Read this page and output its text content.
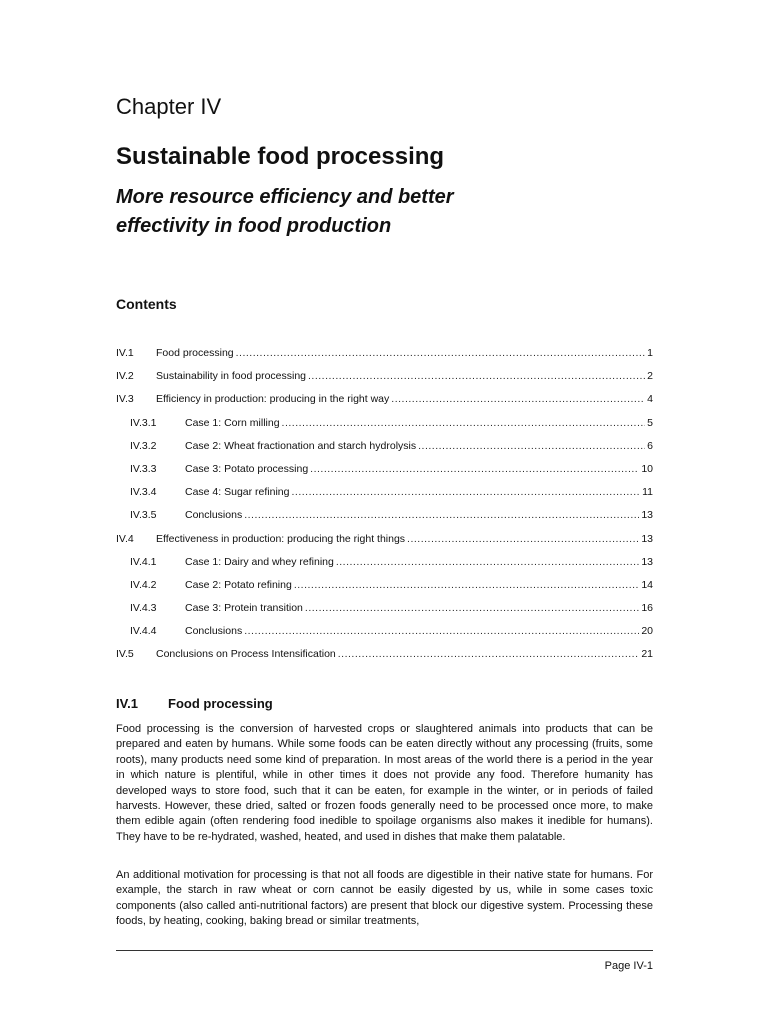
Chapter IV
Sustainable food processing
More resource efficiency and better effectivity in food production
Contents
IV.1	Food processing .....	1
IV.2	Sustainability in food processing .....	2
IV.3	Efficiency in production: producing in the right way .....	4
IV.3.1	Case 1: Corn milling .....	5
IV.3.2	Case 2: Wheat fractionation and starch hydrolysis .....	6
IV.3.3	Case 3: Potato processing .....	10
IV.3.4	Case 4: Sugar refining .....	11
IV.3.5	Conclusions .....	13
IV.4	Effectiveness in production: producing the right things .....	13
IV.4.1	Case 1: Dairy and whey refining .....	13
IV.4.2	Case 2: Potato refining .....	14
IV.4.3	Case 3: Protein transition .....	16
IV.4.4	Conclusions .....	20
IV.5	Conclusions on Process Intensification .....	21
IV.1 Food processing
Food processing is the conversion of harvested crops or slaughtered animals into products that can be prepared and eaten by humans. While some foods can be eaten directly without any processing (fruits, some roots), many products need some kind of preparation. In most areas of the world there is a period in the year in which nature is plentiful, while in other times it does not provide any food. Therefore humanity has developed ways to store food, such that it can be eaten, for example in the winter, or in periods of failed harvests. However, these dried, salted or frozen foods generally need to be processed once more, to make them edible again (often rendering food inedible to spoilage organisms also makes it inedible for humans). They have to be re-hydrated, washed, heated, and used in dishes that make them palatable.
An additional motivation for processing is that not all foods are digestible in their native state for humans. For example, the starch in raw wheat or corn cannot be easily digested by us, while in some cases toxic components (also called anti-nutritional factors) are present that block our digestive system. Processing these foods, by heating, cooking, baking bread or similar treatments,
Page IV-1
